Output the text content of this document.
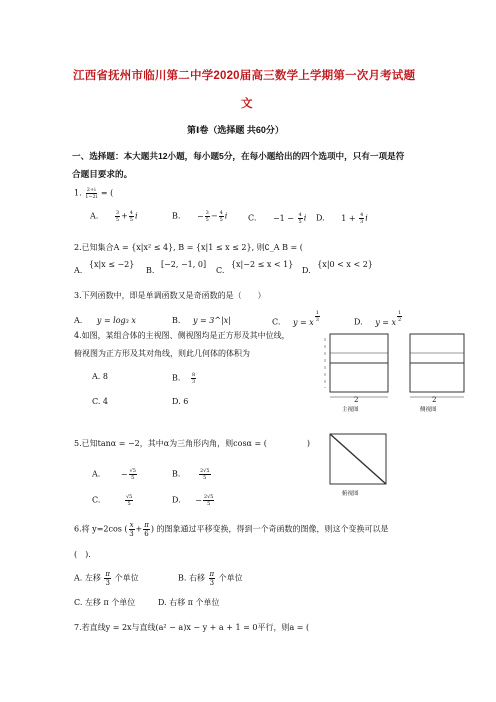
江西省抚州市临川第二中学2020届高三数学上学期第一次月考试题
文
第Ⅰ卷（选择题 共60分）
一、选择题：本大题共12小题，每小题5分，在每小题给出的四个选项中，只有一项是符
合题目要求的。
1. $\frac{2+i}{1-2i}$ = (
A.	$\frac{3}{5} + \frac{4}{5}$ i	B. − $\frac{3}{5} - \frac{4}{5}$ i	C. $-1 - \frac{4}{5}$ i D. $1 + \frac{4}{3}$ i
2.已知集合A = {x|x² ≤ 4}, B = {x|1 ≤ x ≤ 2}, 则∁_A B = (
A. {x|x ≤ −2}
B. [−2, −1, 0]
C. {x|−2 ≤ x < 1}
D. {x|0 < x < 2}
3.下列函数中，即是单调函数又是奇函数的是（　　）
A. y = log₃ x	B. y = 3^|x|	C. y = x $\frac{1}{3}$	D. y = x $\frac{1}{2}$
4.如图，某组合体的主视图、侧视图均是正方形及其中位线，
俯视图为正方形及其对角线，则此几何体的体积为
A. 8	B. $\frac{8}{3}$
C. 4	D. 6	2	2
主视图	侧视图
俯视图
5.已知tanα = −2，其中α为三角形内角，则cosα = (　　　　　)
A.	− $\frac{√5}{5}$	B.	$\frac{2√5}{5}$
C.	$\frac{√5}{5}$	D. − $\frac{2√5}{5}$
6.将 y=2cos ( $\frac{x}{3} + \frac{\pi}{6}$ ) 的图象通过平移变换，得到一个奇函数的图像，则这个变换可以是
(　).
A. 左移 $\frac{\pi}{3}$ 个单位	B. 右移 $\frac{\pi}{3}$ 个单位
C. 左移 π 个单位	D. 右移 π 个单位
7.若直线y = 2x与直线(a² − a)x − y + a + 1 = 0平行，则a = (
